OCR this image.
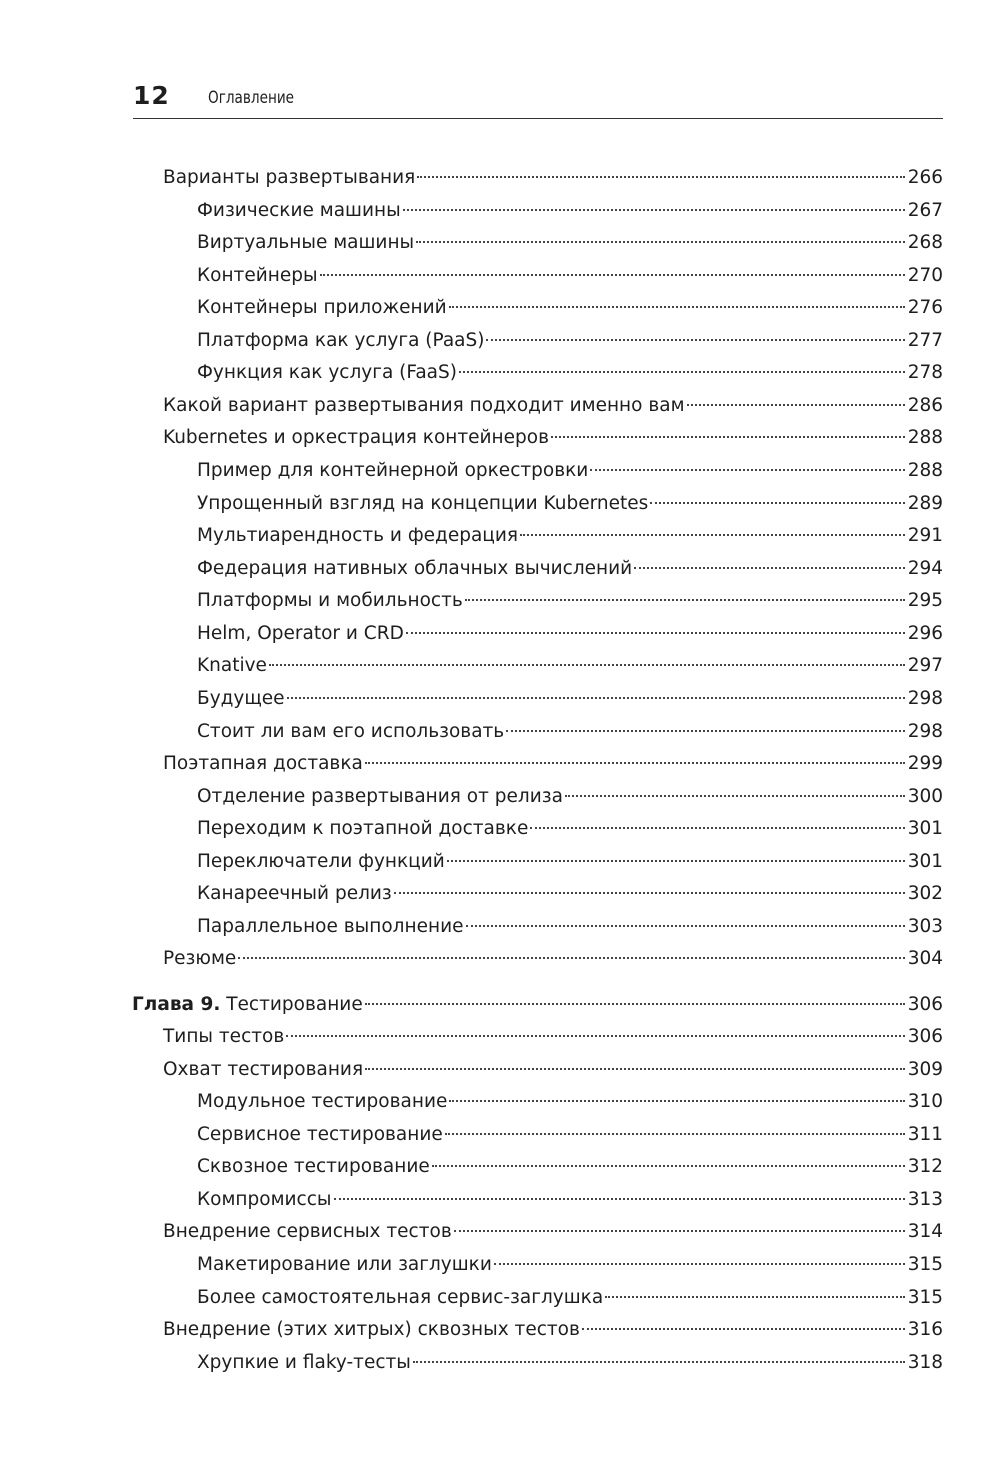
12 Оглавление
Варианты развертывания	266
Физические машины	267
Виртуальные машины	268
Контейнеры	270
Контейнеры приложений	276
Платформа как услуга (PaaS)	277
Функция как услуга (FaaS)	278
Какой вариант развертывания подходит именно вам	286
Kubernetes и оркестрация контейнеров	288
Пример для контейнерной оркестровки	288
Упрощенный взгляд на концепции Kubernetes	289
Мультиарендность и федерация	291
Федерация нативных облачных вычислений	294
Платформы и мобильность	295
Helm, Operator и CRD	296
Knative	297
Будущее	298
Стоит ли вам его использовать	298
Поэтапная доставка	299
Отделение развертывания от релиза	300
Переходим к поэтапной доставке	301
Переключатели функций	301
Канареечный релиз	302
Параллельное выполнение	303
Резюме	304
Глава 9. Тестирование	306
Типы тестов	306
Охват тестирования	309
Модульное тестирование	310
Сервисное тестирование	311
Сквозное тестирование	312
Компромиссы	313
Внедрение сервисных тестов	314
Макетирование или заглушки	315
Более самостоятельная сервис-заглушка	315
Внедрение (этих хитрых) сквозных тестов	316
Хрупкие и flaky-тесты	318
